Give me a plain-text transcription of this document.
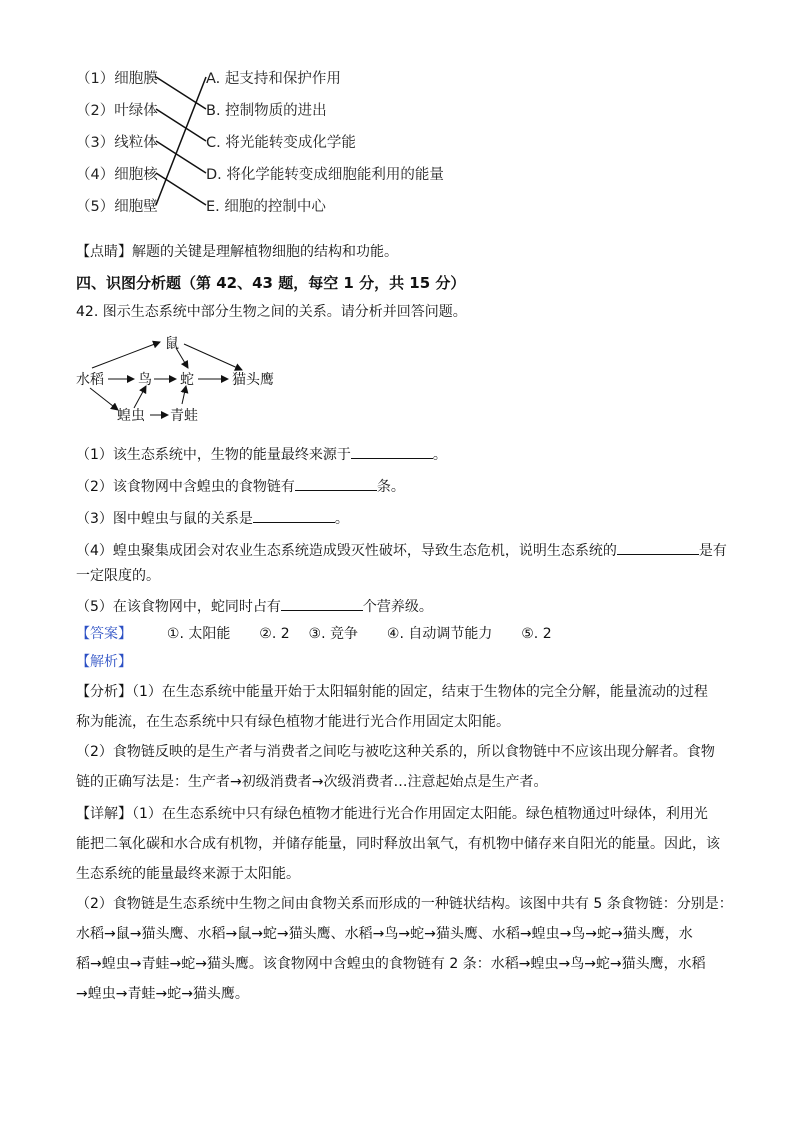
（1）细胞膜
（2）叶绿体
（3）线粒体
（4）细胞核
（5）细胞壁
A. 起支持和保护作用
B. 控制物质的进出
C. 将光能转变成化学能
D. 将化学能转变成细胞能利用的能量
E. 细胞的控制中心
【点睛】解题的关键是理解植物细胞的结构和功能。
四、识图分析题（第 42、43 题，每空 1 分，共 15 分）
42. 图示生态系统中部分生物之间的关系。请分析并回答问题。
水稻
鼠
鸟 蛇	猫头鹰
蝗虫 青蛙
（1）该生态系统中，生物的能量最终来源于	。
（2）该食物网中含蝗虫的食物链有	条。
（3）图中蝗虫与鼠的关系是	。
（4）蝗虫聚集成团会对农业生态系统造成毁灭性破坏，导致生态危机，说明生态系统的	是有
一定限度的。
（5）在该食物网中，蛇同时占有	个营养级。
【答案】 ①. 太阳能 ②. 2 ③. 竞争 ④. 自动调节能力 ⑤. 2
【解析】
【分析】（1）在生态系统中能量开始于太阳辐射能的固定，结束于生物体的完全分解，能量流动的过程
称为能流，在生态系统中只有绿色植物才能进行光合作用固定太阳能。
（2）食物链反映的是生产者与消费者之间吃与被吃这种关系的，所以食物链中不应该出现分解者。食物
链的正确写法是：生产者→初级消费者→次级消费者…注意起始点是生产者。
【详解】（1）在生态系统中只有绿色植物才能进行光合作用固定太阳能。绿色植物通过叶绿体，利用光
能把二氧化碳和水合成有机物，并储存能量，同时释放出氧气，有机物中储存来自阳光的能量。因此，该
生态系统的能量最终来源于太阳能。
（2）食物链是生态系统中生物之间由食物关系而形成的一种链状结构。该图中共有 5 条食物链：分别是：
水稻→鼠→猫头鹰、水稻→鼠→蛇→猫头鹰、水稻→鸟→蛇→猫头鹰、水稻→蝗虫→鸟→蛇→猫头鹰，水
稻→蝗虫→青蛙→蛇→猫头鹰。该食物网中含蝗虫的食物链有 2 条：水稻→蝗虫→鸟→蛇→猫头鹰，水稻
→蝗虫→青蛙→蛇→猫头鹰。
